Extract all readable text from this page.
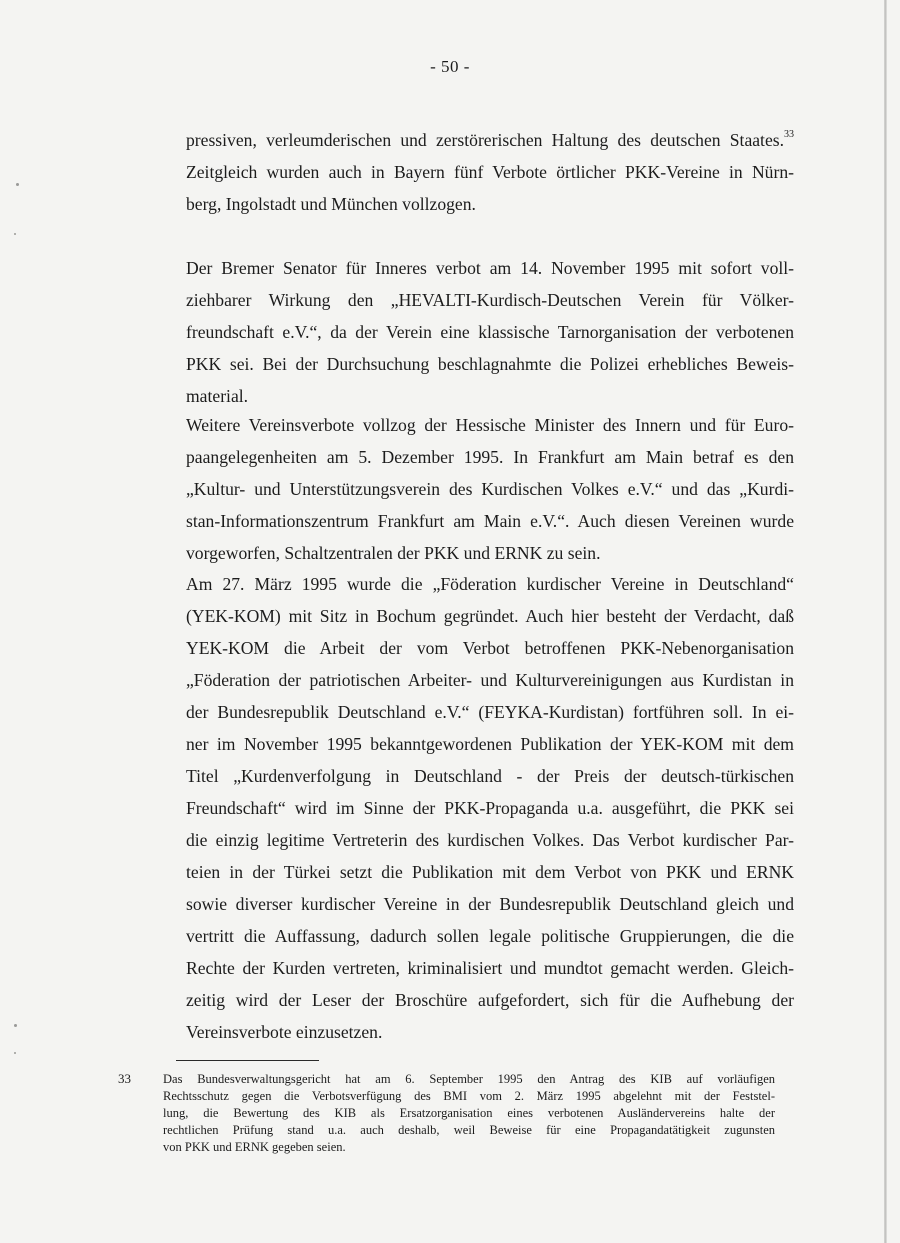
- 50 -
pressiven, verleumderischen und zerstörerischen Haltung des deutschen Staates.$^{33}$
Zeitgleich wurden auch in Bayern fünf Verbote örtlicher PKK-Vereine in Nürn-
berg, Ingolstadt und München vollzogen.
Der Bremer Senator für Inneres verbot am 14. November 1995 mit sofort voll-
ziehbarer Wirkung den „HEVALTI-Kurdisch-Deutschen Verein für Völker-
freundschaft e.V.“, da der Verein eine klassische Tarnorganisation der verbotenen
PKK sei. Bei der Durchsuchung beschlagnahmte die Polizei erhebliches Beweis-
material.
Weitere Vereinsverbote vollzog der Hessische Minister des Innern und für Euro-
paangelegenheiten am 5. Dezember 1995. In Frankfurt am Main betraf es den
„Kultur- und Unterstützungsverein des Kurdischen Volkes e.V.“ und das „Kurdi-
stan-Informationszentrum Frankfurt am Main e.V.“. Auch diesen Vereinen wurde
vorgeworfen, Schaltzentralen der PKK und ERNK zu sein.
Am 27. März 1995 wurde die „Föderation kurdischer Vereine in Deutschland“
(YEK-KOM) mit Sitz in Bochum gegründet. Auch hier besteht der Verdacht, daß
YEK-KOM die Arbeit der vom Verbot betroffenen PKK-Nebenorganisation
„Föderation der patriotischen Arbeiter- und Kulturvereinigungen aus Kurdistan in
der Bundesrepublik Deutschland e.V.“ (FEYKA-Kurdistan) fortführen soll. In ei-
ner im November 1995 bekanntgewordenen Publikation der YEK-KOM mit dem
Titel „Kurdenverfolgung in Deutschland - der Preis der deutsch-türkischen
Freundschaft“ wird im Sinne der PKK-Propaganda u.a. ausgeführt, die PKK sei
die einzig legitime Vertreterin des kurdischen Volkes. Das Verbot kurdischer Par-
teien in der Türkei setzt die Publikation mit dem Verbot von PKK und ERNK
sowie diverser kurdischer Vereine in der Bundesrepublik Deutschland gleich und
vertritt die Auffassung, dadurch sollen legale politische Gruppierungen, die die
Rechte der Kurden vertreten, kriminalisiert und mundtot gemacht werden. Gleich-
zeitig wird der Leser der Broschüre aufgefordert, sich für die Aufhebung der
Vereinsverbote einzusetzen.
33	Das Bundesverwaltungsgericht hat am 6. September 1995 den Antrag des KIB auf vorläufigen
Rechtsschutz gegen die Verbotsverfügung des BMI vom 2. März 1995 abgelehnt mit der Feststel-
lung, die Bewertung des KIB als Ersatzorganisation eines verbotenen Ausländervereins halte der
rechtlichen Prüfung stand u.a. auch deshalb, weil Beweise für eine Propagandatätigkeit zugunsten
von PKK und ERNK gegeben seien.
